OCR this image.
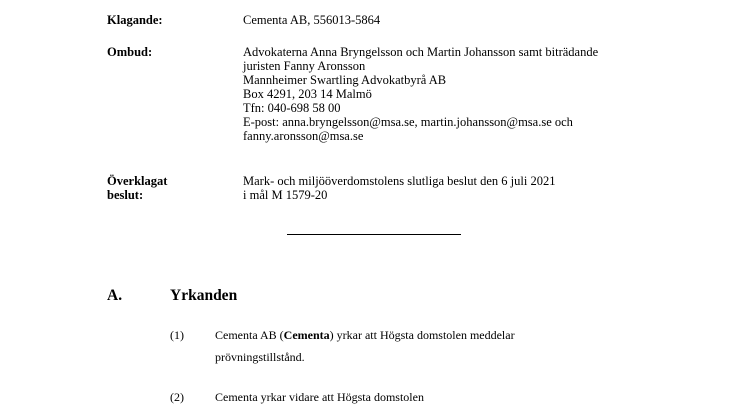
Klagande:	Cementa AB, 556013-5864
Ombud:	Advokaterna Anna Bryngelsson och Martin Johansson samt biträdande
juristen Fanny Aronsson
Mannheimer Swartling Advokatbyrå AB
Box 4291, 203 14 Malmö
Tfn: 040-698 58 00
E-post: anna.bryngelsson@msa.se, martin.johansson@msa.se och
fanny.aronsson@msa.se
Överklagat
beslut:
Mark- och miljööverdomstolens slutliga beslut den 6 juli 2021
i mål M 1579-20
A.	Yrkanden
(1)	Cementa AB (Cementa) yrkar att Högsta domstolen meddelar
prövningstillstånd.
(2)	Cementa yrkar vidare att Högsta domstolen
